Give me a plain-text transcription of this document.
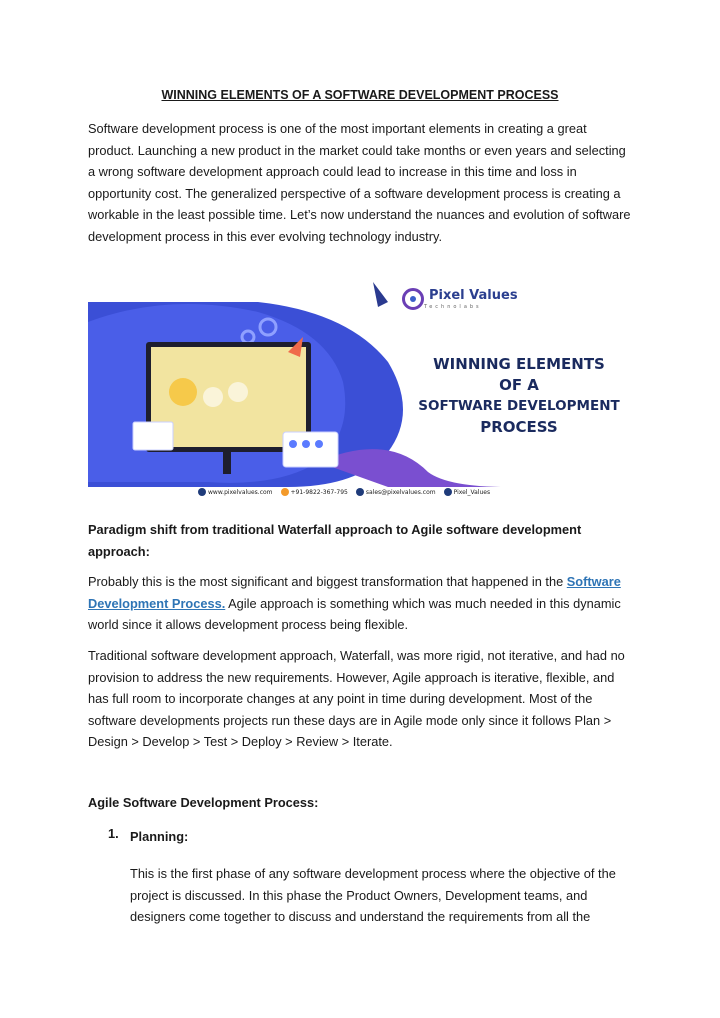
WINNING ELEMENTS OF A SOFTWARE DEVELOPMENT PROCESS
Software development process is one of the most important elements in creating a great product. Launching a new product in the market could take months or even years and selecting a wrong software development approach could lead to increase in this time and loss in opportunity cost. The generalized perspective of a software development process is creating a workable in the least possible time. Let’s now understand the nuances and evolution of software development process in this ever evolving technology industry.
Pixel Values
Technolabs
WINNING ELEMENTS
OF A
SOFTWARE DEVELOPMENT
PROCESS
www.pixelvalues.com	+91-9822-367-795	sales@pixelvalues.com	Pixel_Values
Paradigm shift from traditional Waterfall approach to Agile software development approach:
Probably this is the most significant and biggest transformation that happened in the Software Development Process. Agile approach is something which was much needed in this dynamic world since it allows development process being flexible.
Traditional software development approach, Waterfall, was more rigid, not iterative, and had no provision to address the new requirements. However, Agile approach is iterative, flexible, and has full room to incorporate changes at any point in time during development. Most of the software developments projects run these days are in Agile mode only since it follows Plan > Design > Develop > Test > Deploy > Review > Iterate.
Agile Software Development Process:
1. Planning:
This is the first phase of any software development process where the objective of the project is discussed. In this phase the Product Owners, Development teams, and designers come together to discuss and understand the requirements from all the
